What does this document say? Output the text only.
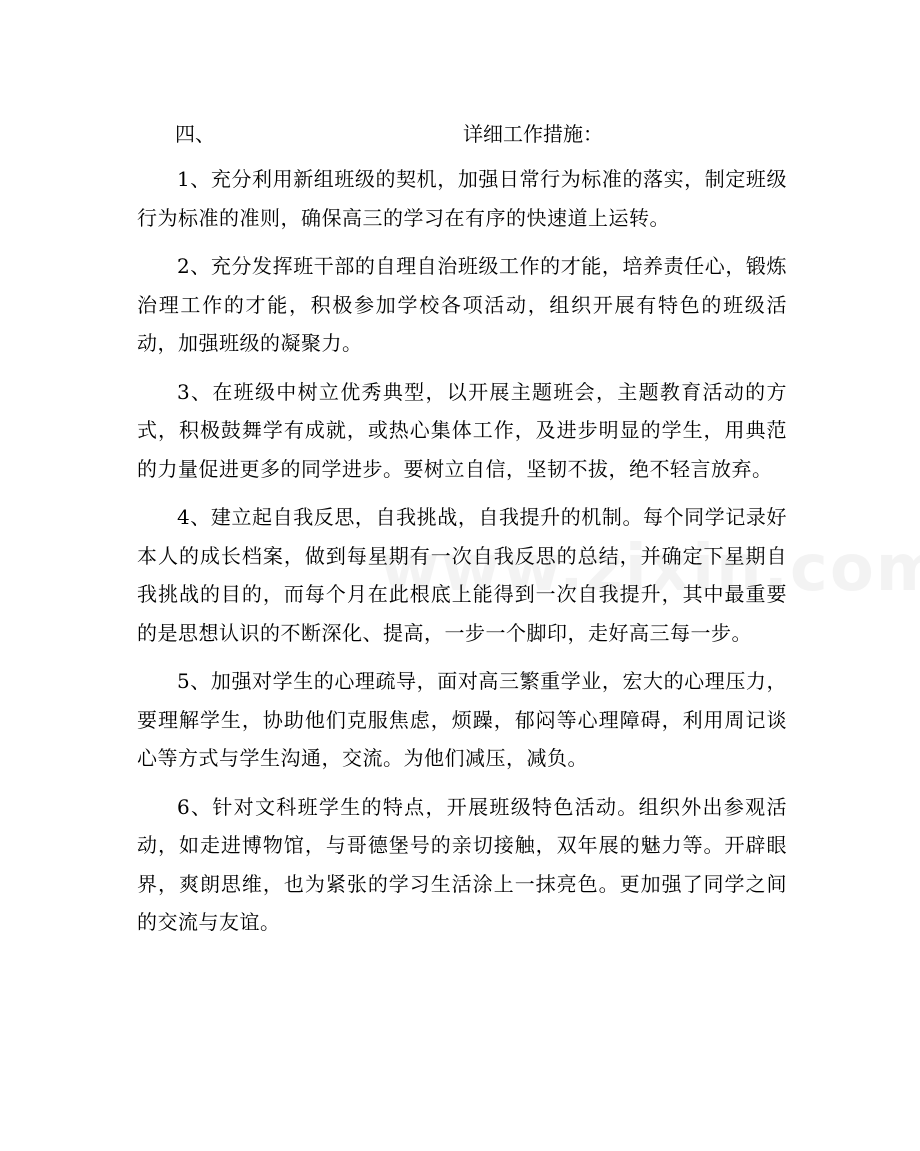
四、	详细工作措施：

1、充分利用新组班级的契机，加强日常行为标准的落实，制定班级行为标准的准则，确保高三的学习在有序的快速道上运转。

2、充分发挥班干部的自理自治班级工作的才能，培养责任心，锻炼治理工作的才能，积极参加学校各项活动，组织开展有特色的班级活动，加强班级的凝聚力。

3、在班级中树立优秀典型，以开展主题班会，主题教育活动的方式，积极鼓舞学有成就，或热心集体工作，及进步明显的学生，用典范的力量促进更多的同学进步。要树立自信，坚韧不拔，绝不轻言放弃。

4、建立起自我反思，自我挑战，自我提升的机制。每个同学记录好本人的成长档案，做到每星期有一次自我反思的总结，并确定下星期自我挑战的目的，而每个月在此根底上能得到一次自我提升，其中最重要的是思想认识的不断深化、提高，一步一个脚印，走好高三每一步。

5、加强对学生的心理疏导，面对高三繁重学业，宏大的心理压力，要理解学生，协助他们克服焦虑，烦躁，郁闷等心理障碍，利用周记谈心等方式与学生沟通，交流。为他们减压，减负。

6、针对文科班学生的特点，开展班级特色活动。组织外出参观活动，如走进博物馆，与哥德堡号的亲切接触，双年展的魅力等。开辟眼界，爽朗思维，也为紧张的学习生活涂上一抹亮色。更加强了同学之间的交流与友谊。
